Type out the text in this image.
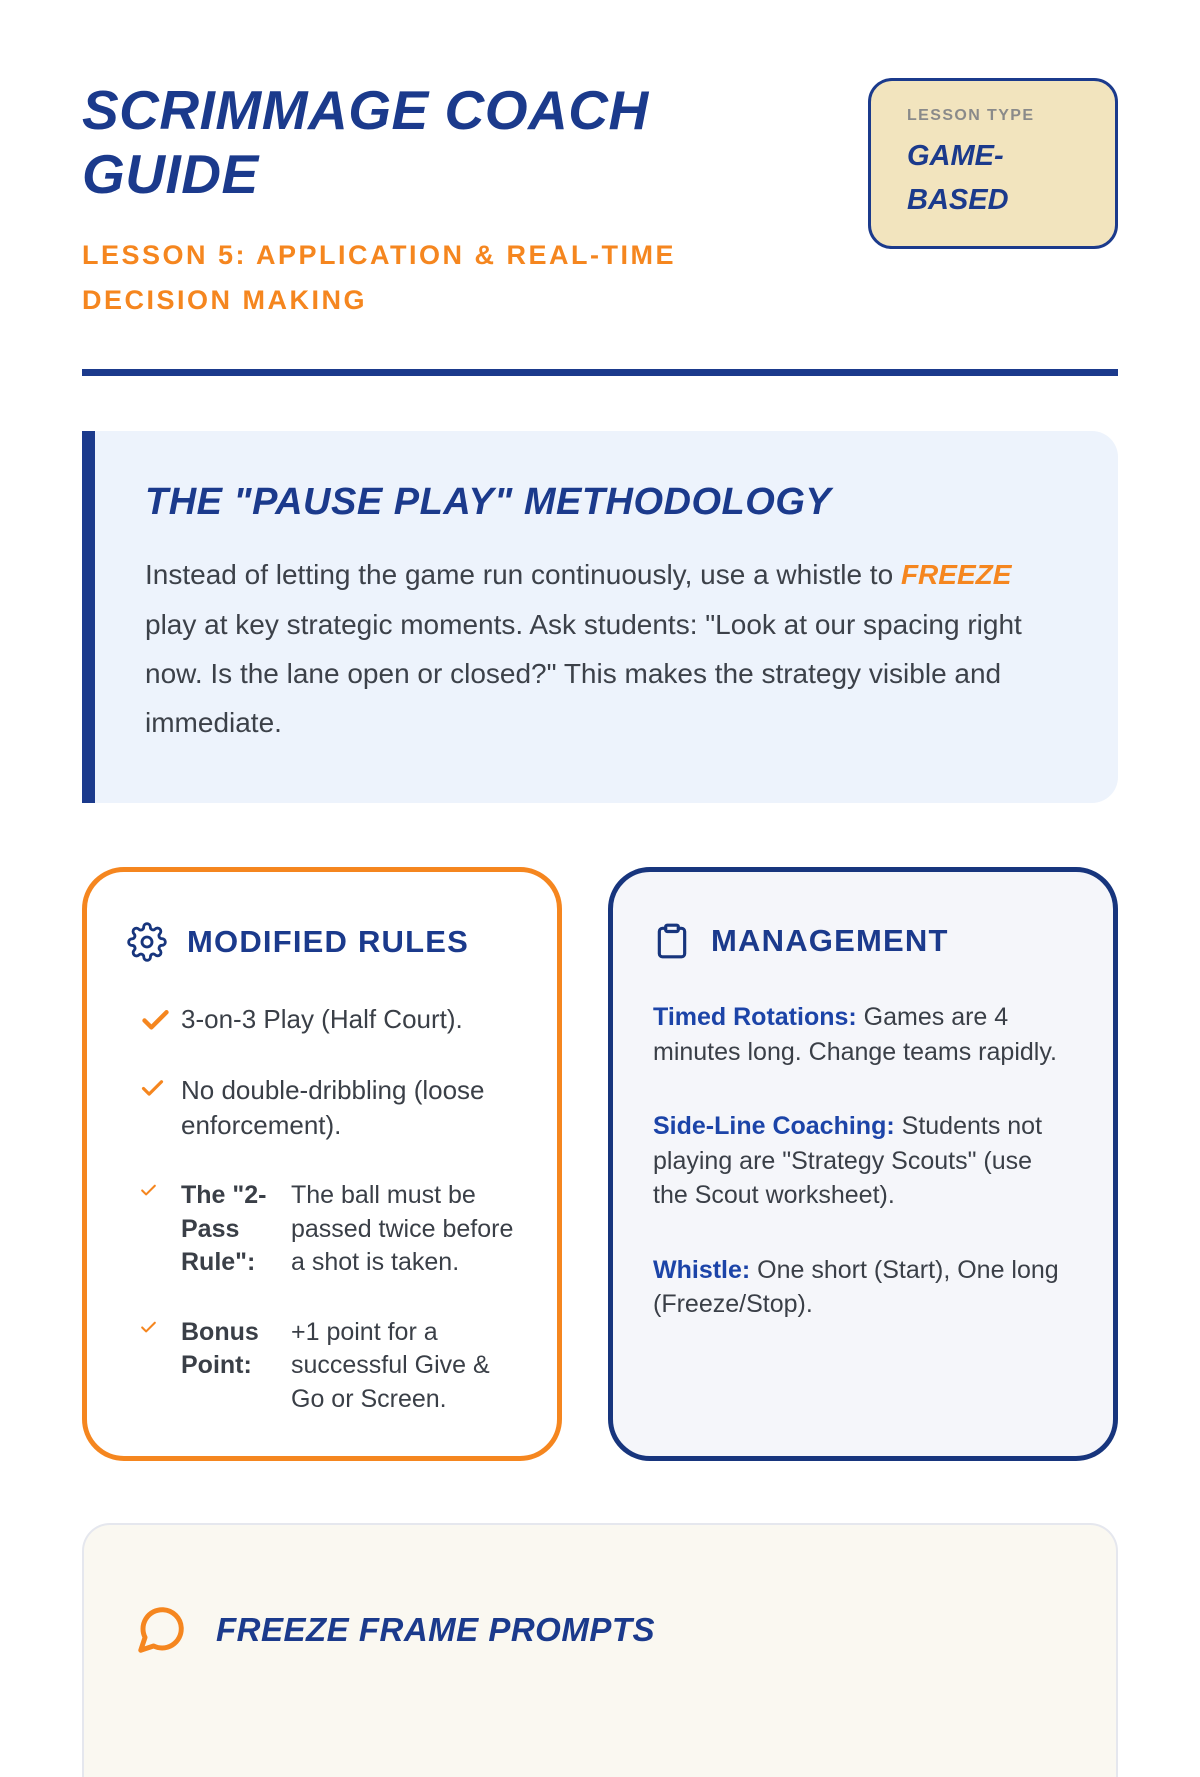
SCRIMMAGE COACH GUIDE
LESSON 5: APPLICATION & REAL-TIME DECISION MAKING
LESSON TYPE
GAME-BASED
THE "PAUSE PLAY" METHODOLOGY

Instead of letting the game run continuously, use a whistle to FREEZE play at key strategic moments. Ask students: "Look at our spacing right now. Is the lane open or closed?" This makes the strategy visible and immediate.

MODIFIED RULES
3-on-3 Play (Half Court).
No double-dribbling (loose enforcement).
The "2-Pass Rule":
The ball must be passed twice before a shot is taken.
Bonus Point:
+1 point for a successful Give & Go or Screen.
MANAGEMENT

Timed Rotations: Games are 4 minutes long. Change teams rapidly.

Side-Line Coaching: Students not playing are "Strategy Scouts" (use the Scout worksheet).

Whistle: One short (Start), One long (Freeze/Stop).

FREEZE FRAME PROMPTS
